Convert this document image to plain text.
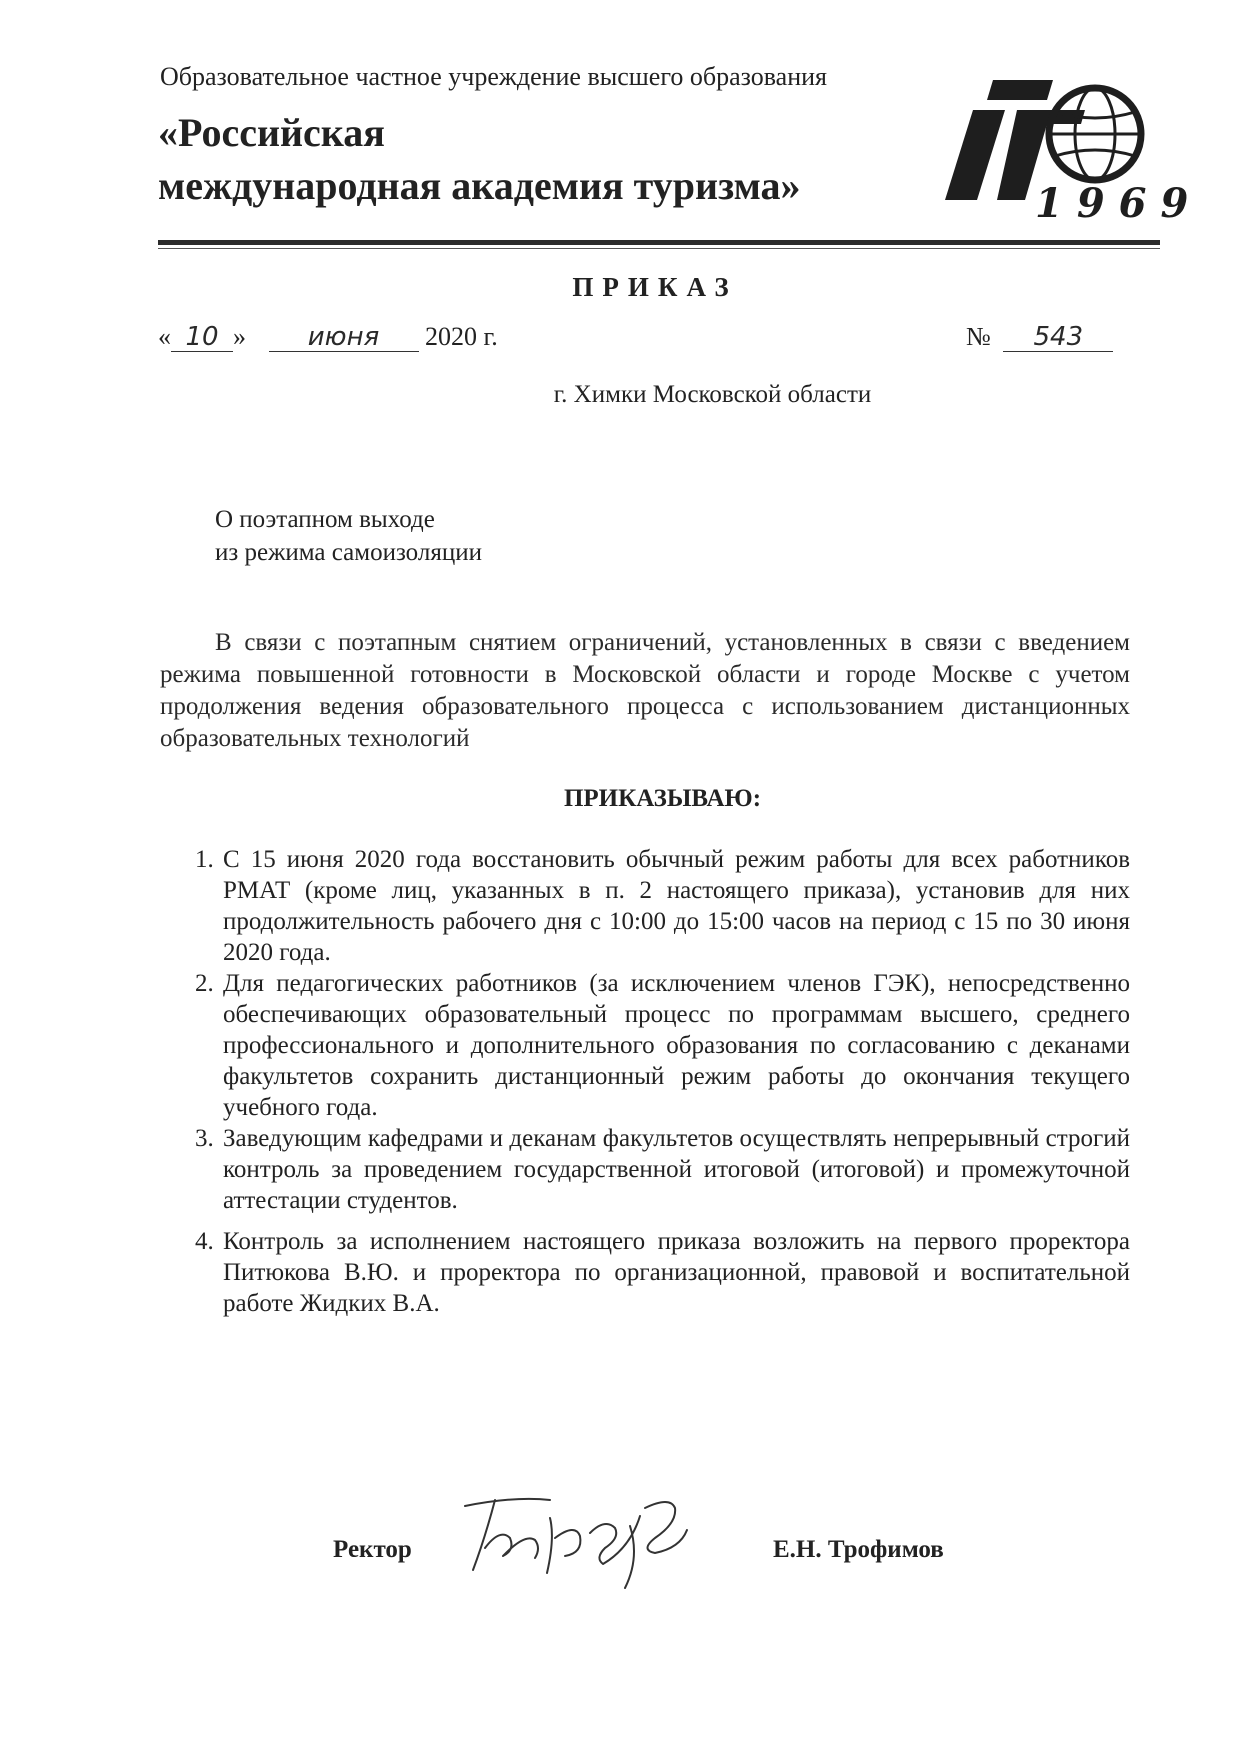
Образовательное частное учреждение высшего образования
«Российская
международная академия туризма»	1969
ПРИКАЗ
« 10 » июня 2020 г.	№ 543
г. Химки Московской области
О поэтапном выходе
из режима самоизоляции
В связи с поэтапным снятием ограничений, установленных в связи с введением режима повышенной готовности в Московской области и городе Москве с учетом продолжения ведения образовательного процесса с использованием дистанционных образовательных технологий
ПРИКАЗЫВАЮ:
1. С 15 июня 2020 года восстановить обычный режим работы для всех работников РМАТ (кроме лиц, указанных в п. 2 настоящего приказа), установив для них продолжительность рабочего дня с 10:00 до 15:00 часов на период с 15 по 30 июня 2020 года.
2. Для педагогических работников (за исключением членов ГЭК), непосредственно обеспечивающих образовательный процесс по программам высшего, среднего профессионального и дополнительного образования по согласованию с деканами факультетов сохранить дистанционный режим работы до окончания текущего учебного года.
3. Заведующим кафедрами и деканам факультетов осуществлять непрерывный строгий контроль за проведением государственной итоговой (итоговой) и промежуточной аттестации студентов.
4. Контроль за исполнением настоящего приказа возложить на первого проректора Питюкова В.Ю. и проректора по организационной, правовой и воспитательной работе Жидких В.А.
Ректор	Е.Н. Трофимов
